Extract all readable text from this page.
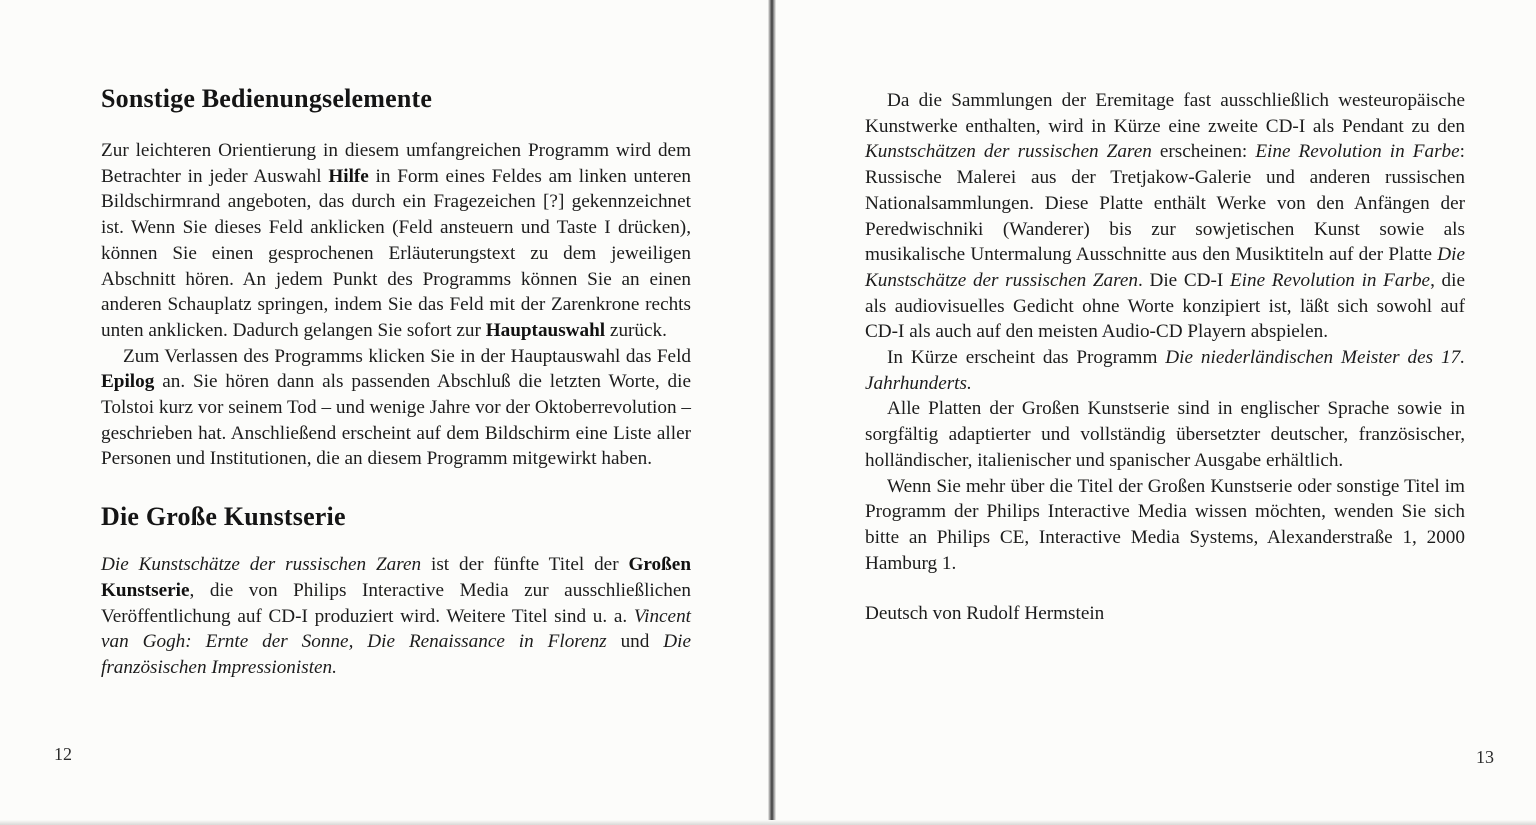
Sonstige Bedienungselemente

Zur leichteren Orientierung in diesem umfangreichen Programm wird dem Betrachter in jeder Auswahl Hilfe in Form eines Feldes am linken unteren Bildschirmrand angeboten, das durch ein Fragezeichen [?] gekennzeichnet ist. Wenn Sie dieses Feld anklicken (Feld ansteuern und Taste I drücken), können Sie einen gesprochenen Erläuterungstext zu dem jeweiligen Abschnitt hören. An jedem Punkt des Programms können Sie an einen anderen Schauplatz springen, indem Sie das Feld mit der Zarenkrone rechts unten anklicken. Dadurch gelangen Sie sofort zur Hauptauswahl zurück.

Zum Verlassen des Programms klicken Sie in der Hauptauswahl das Feld Epilog an. Sie hören dann als passenden Abschluß die letzten Worte, die Tolstoi kurz vor seinem Tod – und wenige Jahre vor der Oktoberrevolution – geschrieben hat. Anschließend erscheint auf dem Bildschirm eine Liste aller Personen und Institutionen, die an diesem Programm mitgewirkt haben.

Die Große Kunstserie

Die Kunstschätze der russischen Zaren ist der fünfte Titel der Großen Kunstserie, die von Philips Interactive Media zur ausschließlichen Veröffentlichung auf CD-I produziert wird. Weitere Titel sind u. a. Vincent van Gogh: Ernte der Sonne, Die Renaissance in Florenz und Die französischen Impressionisten.

12

Da die Sammlungen der Eremitage fast ausschließlich westeuropäische Kunstwerke enthalten, wird in Kürze eine zweite CD-I als Pendant zu den Kunstschätzen der russischen Zaren erscheinen: Eine Revolution in Farbe: Russische Malerei aus der Tretjakow-Galerie und anderen russischen Nationalsammlungen. Diese Platte enthält Werke von den Anfängen der Peredwischniki (Wanderer) bis zur sowjetischen Kunst sowie als musikalische Untermalung Ausschnitte aus den Musiktiteln auf der Platte Die Kunstschätze der russischen Zaren. Die CD-I Eine Revolution in Farbe, die als audiovisuelles Gedicht ohne Worte konzipiert ist, läßt sich sowohl auf CD-I als auch auf den meisten Audio-CD Playern abspielen.

In Kürze erscheint das Programm Die niederländischen Meister des 17. Jahrhunderts.

Alle Platten der Großen Kunstserie sind in englischer Sprache sowie in sorgfältig adaptierter und vollständig übersetzter deutscher, französischer, holländischer, italienischer und spanischer Ausgabe erhältlich.

Wenn Sie mehr über die Titel der Großen Kunstserie oder sonstige Titel im Programm der Philips Interactive Media wissen möchten, wenden Sie sich bitte an Philips CE, Interactive Media Systems, Alexanderstraße 1, 2000 Hamburg 1.

Deutsch von Rudolf Hermstein

13
